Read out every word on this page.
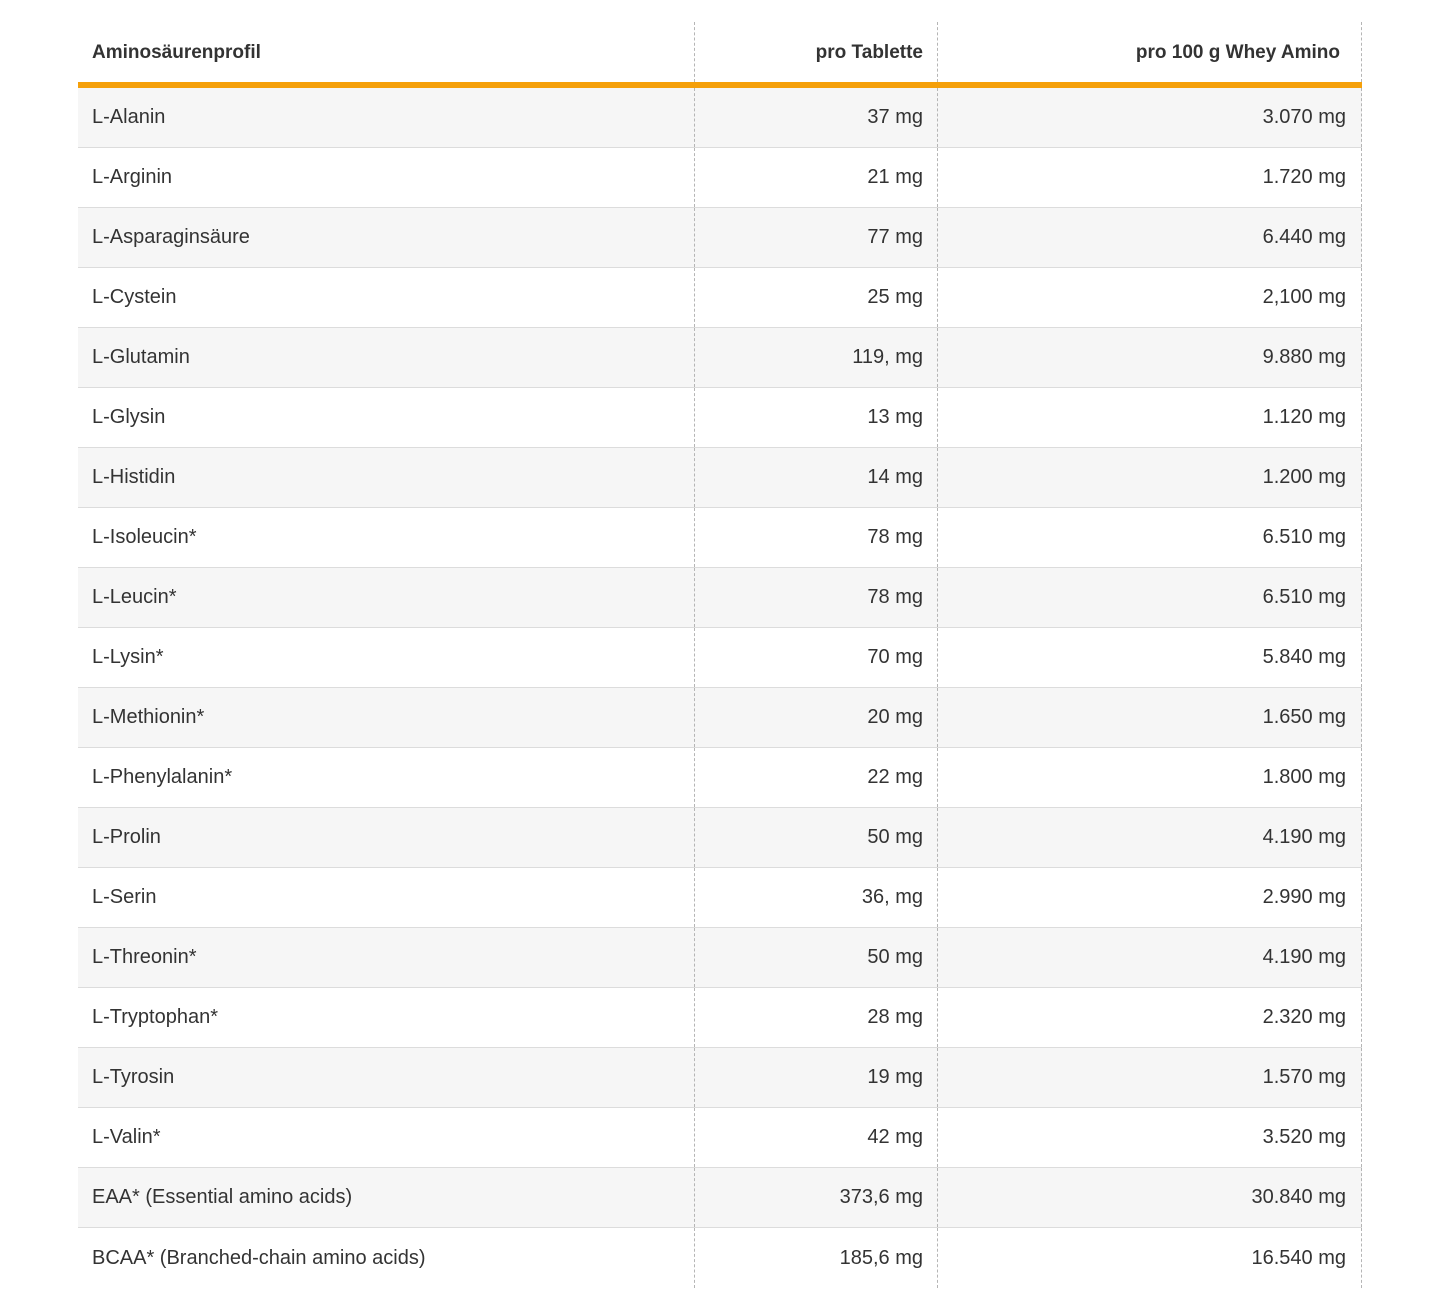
Aminosäurenprofil	pro Tablette	pro 100 g Whey Amino
L-Alanin	37 mg	3.070 mg
L-Arginin	21 mg	1.720 mg
L-Asparaginsäure	77 mg	6.440 mg
L-Cystein	25 mg	2,100 mg
L-Glutamin	119, mg	9.880 mg
L-Glysin	13 mg	1.120 mg
L-Histidin	14 mg	1.200 mg
L-Isoleucin*	78 mg	6.510 mg
L-Leucin*	78 mg	6.510 mg
L-Lysin*	70 mg	5.840 mg
L-Methionin*	20 mg	1.650 mg
L-Phenylalanin*	22 mg	1.800 mg
L-Prolin	50 mg	4.190 mg
L-Serin	36, mg	2.990 mg
L-Threonin*	50 mg	4.190 mg
L-Tryptophan*	28 mg	2.320 mg
L-Tyrosin	19 mg	1.570 mg
L-Valin*	42 mg	3.520 mg
EAA* (Essential amino acids)	373,6 mg	30.840 mg
BCAA* (Branched-chain amino acids)	185,6 mg	16.540 mg
